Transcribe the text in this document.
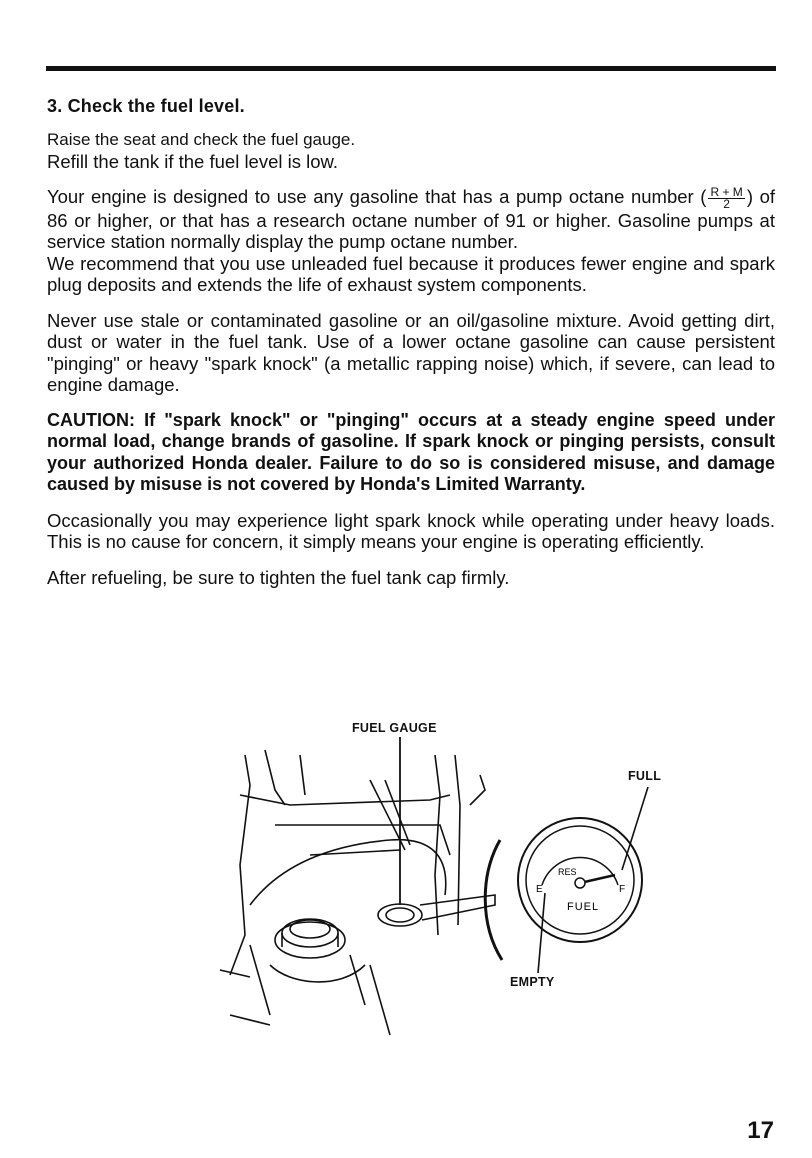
3. Check the fuel level.

Raise the seat and check the fuel gauge.

Refill the tank if the fuel level is low.

Your engine is designed to use any gasoline that has a pump octane number ( $\frac{R + M}{2}$ ) of 86 or higher, or that has a research octane number of 91 or higher. Gasoline pumps at service station normally display the pump octane number.

We recommend that you use unleaded fuel because it produces fewer engine and spark plug deposits and extends the life of exhaust system components.

Never use stale or contaminated gasoline or an oil/gasoline mixture. Avoid getting dirt, dust or water in the fuel tank. Use of a lower octane gasoline can cause persistent "pinging" or heavy "spark knock" (a metallic rapping noise) which, if severe, can lead to engine damage.

CAUTION: If "spark knock" or "pinging" occurs at a steady engine speed under normal load, change brands of gasoline. If spark knock or pinging persists, consult your authorized Honda dealer. Failure to do so is considered misuse, and damage caused by misuse is not covered by Honda's Limited Warranty.

Occasionally you may experience light spark knock while operating under heavy loads. This is no cause for concern, it simply means your engine is operating efficiently.

After refueling, be sure to tighten the fuel tank cap firmly.

RES
E	F
FUEL
FUEL GAUGE
FULL
EMPTY
17
